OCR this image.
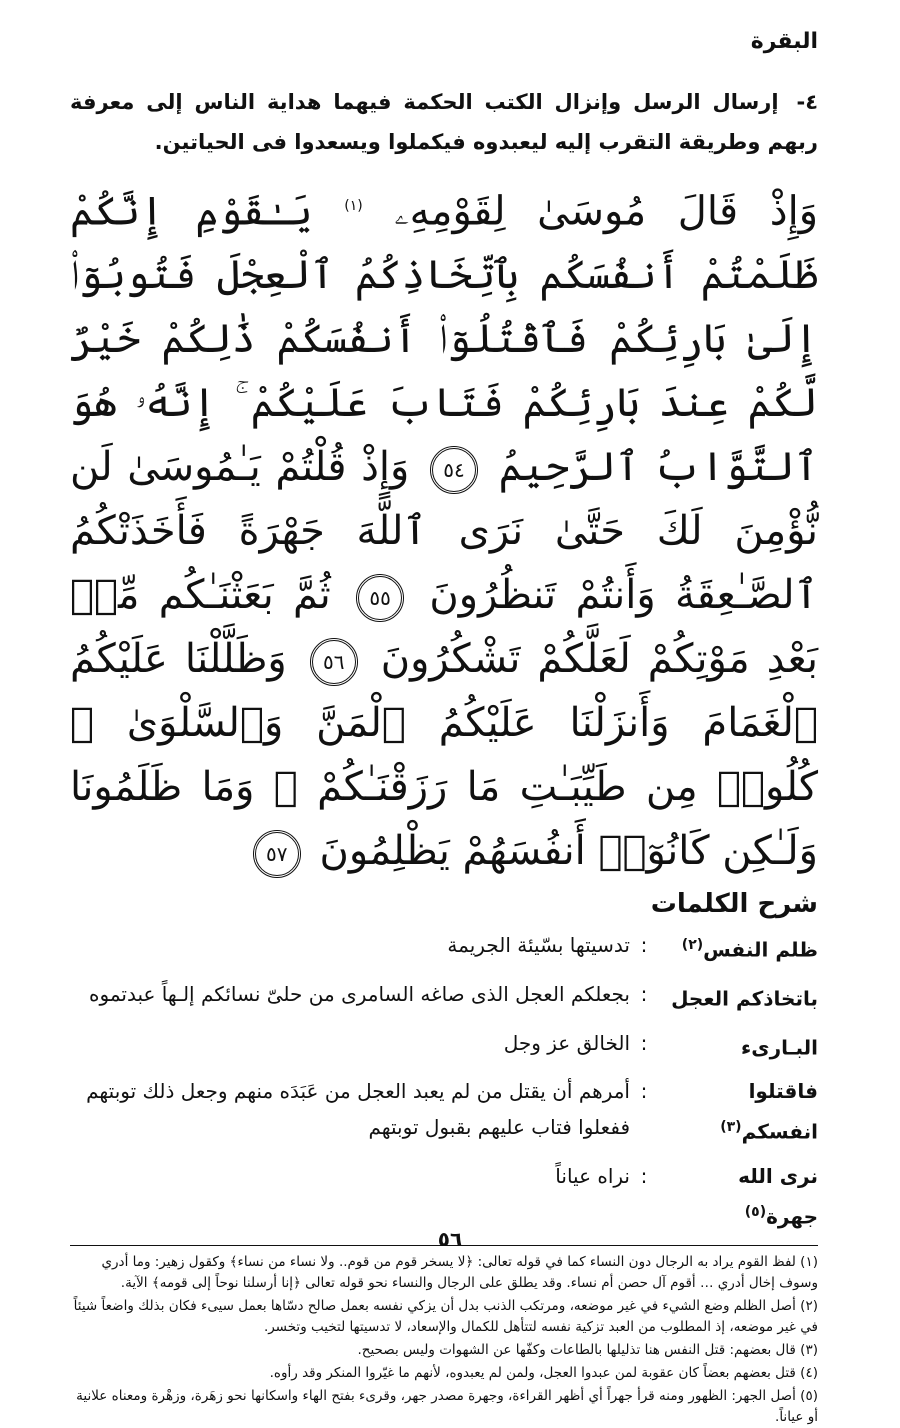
البقرة
٤- إرسال الرسل وإنزال الكتب الحكمة فيهما هداية الناس إلى معرفة ربهم وطريقة التقرب إليه ليعبدوه فيكملوا ويسعدوا فى الحياتين.
وَإِذْ قَالَ مُوسَىٰ لِقَوْمِهِۦ $^{(١)}$ يَـٰقَوْمِ إِنَّكُمْ ظَلَمْتُمْ أَنفُسَكُم بِٱتِّخَاذِكُمُ ٱلْعِجْلَ فَتُوبُوٓا۟ إِلَىٰ بَارِئِكُمْ فَٱقْتُلُوٓا۟ أَنفُسَكُمْ ذَٰلِكُمْ خَيْرٌ لَّكُمْ عِندَ بَارِئِكُمْ فَتَابَ عَلَيْكُمْ ۚ إِنَّهُۥ هُوَ ٱلتَّوَّابُ ٱلرَّحِيمُ ٥٤ وَإِذْ قُلْتُمْ يَـٰمُوسَىٰ لَن نُّؤْمِنَ لَكَ حَتَّىٰ نَرَى ٱللَّهَ جَهْرَةً فَأَخَذَتْكُمُ ٱلصَّـٰعِقَةُ وَأَنتُمْ تَنظُرُونَ ٥٥ ثُمَّ بَعَثْنَـٰكُم مِّنۢ بَعْدِ مَوْتِكُمْ لَعَلَّكُمْ تَشْكُرُونَ ٥٦ وَظَلَّلْنَا عَلَيْكُمُ ٱلْغَمَامَ وَأَنزَلْنَا عَلَيْكُمُ ٱلْمَنَّ وَٱلسَّلْوَىٰ ۖ كُلُوا۟ مِن طَيِّبَـٰتِ مَا رَزَقْنَـٰكُمْ ۖ وَمَا ظَلَمُونَا وَلَـٰكِن كَانُوٓا۟ أَنفُسَهُمْ يَظْلِمُونَ ٥٧
شرح الكلمات
ظلم النفس$^{(٢)}$
:
تدسيتها بسّيئة الجريمة
باتخاذكم العجل
:
بجعلكم العجل الذى صاغه السامرى من حلىّ نسائكم إلـهاً عبدتموه
البـارىء
:
الخالق عز وجل
فاقتلوا انفسكم$^{(٣)}$
:
أمرهم أن يقتل من لم يعبد العجل من عَبَدَه منهم وجعل ذلك توبتهم ففعلوا فتاب عليهم بقبول توبتهم
نرى الله جهرة$^{(٥)}$
:
نراه عياناً
(١) لفظ القوم يراد به الرجال دون النساء كما في قوله تعالى: ﴿لا يسخر قوم من قوم.. ولا نساء من نساء﴾ وكقول زهير: وما أدري وسوف إخال أدري … أقوم آل حصن أم نساء. وقد يطلق على الرجال والنساء نحو قوله تعالى ﴿إنا أرسلنا نوحاً إلى قومه﴾ الآية.
(٢) أصل الظلم وضع الشيء في غير موضعه، ومرتكب الذنب بدل أن يزكي نفسه بعمل صالح دسّاها بعمل سيىء فكان بذلك واضعاً شيئاً في غير موضعه، إذ المطلوب من العبد تزكية نفسه لتتأهل للكمال والإسعاد، لا تدسيتها لتخيب وتخسر.
(٣) قال بعضهم: قتل النفس هنا تذليلها بالطاعات وكفّها عن الشهوات وليس بصحيح.
(٤) قتل بعضهم بعضاً كان عقوبة لمن عبدوا العجل، ولمن لم يعبدوه، لأنهم ما غيّروا المنكر وقد رأوه.
(٥) أصل الجهر: الظهور ومنه قرأ جهراً أي أظهر القراءة، وجهرة مصدر جهر، وقرىء بفتح الهاء واسكانها نحو زهَرة، وزهْرة ومعناه علانية أو عياناً.
٥٦
